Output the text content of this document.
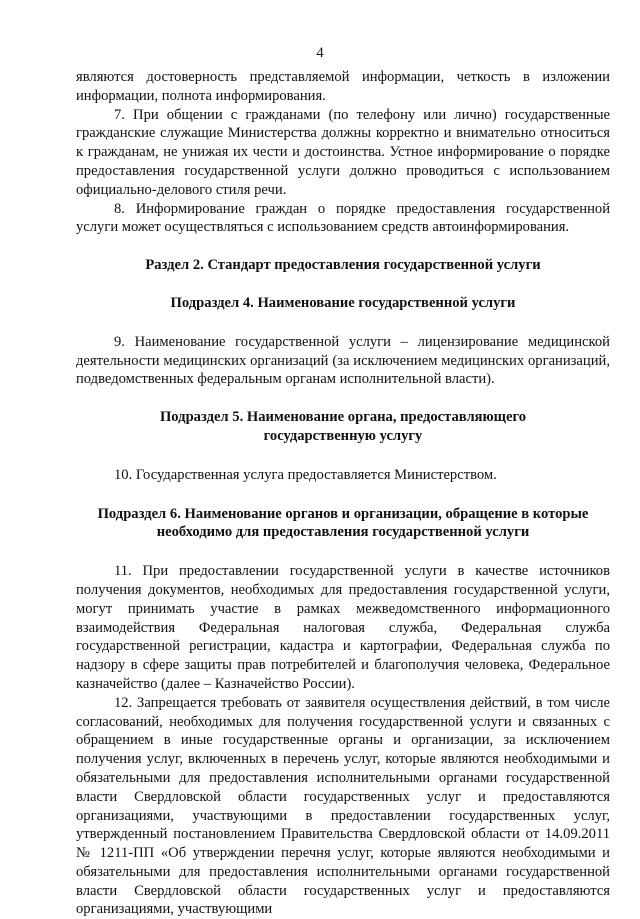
4

являются достоверность представляемой информации, четкость в изложении информации, полнота информирования.

7. При общении с гражданами (по телефону или лично) государственные гражданские служащие Министерства должны корректно и внимательно относиться к гражданам, не унижая их чести и достоинства. Устное информирование о порядке предоставления государственной услуги должно проводиться с использованием официально-делового стиля речи.

8. Информирование граждан о порядке предоставления государственной услуги может осуществляться с использованием средств автоинформирования.

Раздел 2. Стандарт предоставления государственной услуги

Подраздел 4. Наименование государственной услуги

9. Наименование государственной услуги – лицензирование медицинской деятельности медицинских организаций (за исключением медицинских организаций, подведомственных федеральным органам исполнительной власти).

Подраздел 5. Наименование органа, предоставляющего

государственную услугу

10. Государственная услуга предоставляется Министерством.

Подраздел 6. Наименование органов и организации, обращение в которые

необходимо для предоставления государственной услуги

11. При предоставлении государственной услуги в качестве источников получения документов, необходимых для предоставления государственной услуги, могут принимать участие в рамках межведомственного информационного взаимодействия Федеральная налоговая служба, Федеральная служба государственной регистрации, кадастра и картографии, Федеральная служба по надзору в сфере защиты прав потребителей и благополучия человека, Федеральное казначейство (далее – Казначейство России).

12. Запрещается требовать от заявителя осуществления действий, в том числе согласований, необходимых для получения государственной услуги и связанных с обращением в иные государственные органы и организации, за исключением получения услуг, включенных в перечень услуг, которые являются необходимыми и обязательными для предоставления исполнительными органами государственной власти Свердловской области государственных услуг и предоставляются организациями, участвующими в предоставлении государственных услуг, утвержденный постановлением Правительства Свердловской области от 14.09.2011 № 1211-ПП «Об утверждении перечня услуг, которые являются необходимыми и обязательными для предоставления исполнительными органами государственной власти Свердловской области государственных услуг и предоставляются организациями, участвующими
